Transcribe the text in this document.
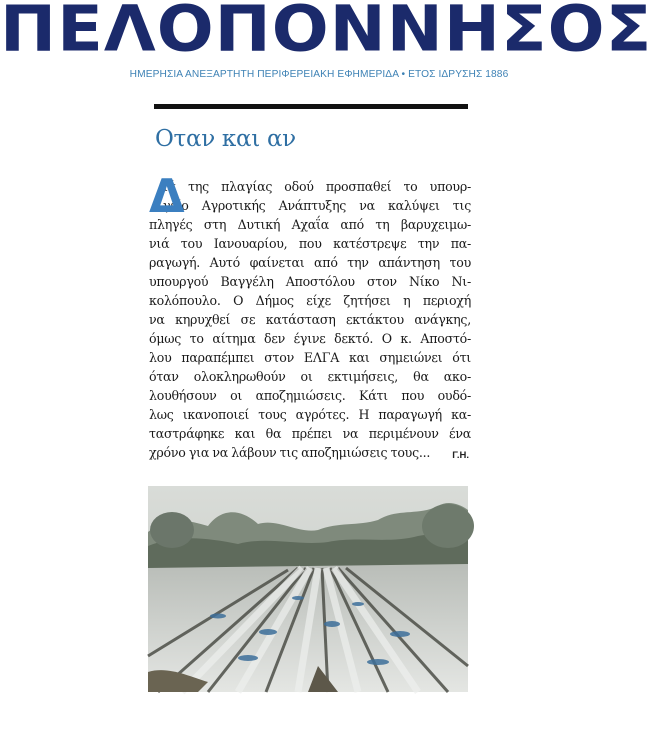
ΠΕΛΟΠΟΝΝΗΣΟΣ
ΗΜΕΡΗΣΙΑ ΑΝΕΞΑΡΤΗΤΗ ΠΕΡΙΦΕΡΕΙΑΚΗ ΕΦΗΜΕΡΙΔΑ • ΕΤΟΣ ΙΔΡΥΣΗΣ 1886
Οταν και αν
Δ
ιά της πλαγίας οδού προσπαθεί το υπουρ-
γείο Αγροτικής Ανάπτυξης να καλύψει τις
πληγές στη Δυτική Αχαΐα από τη βαρυχειμω-
νιά του Ιανουαρίου, που κατέστρεψε την πα-
ραγωγή. Αυτό φαίνεται από την απάντηση του
υπουργού Βαγγέλη Αποστόλου στον Νίκο Νι-
κολόπουλο. Ο Δήμος είχε ζητήσει η περιοχή
να κηρυχθεί σε κατάσταση εκτάκτου ανάγκης,
όμως το αίτημα δεν έγινε δεκτό. Ο κ. Αποστό-
λου παραπέμπει στον ΕΛΓΑ και σημειώνει ότι
όταν ολοκληρωθούν οι εκτιμήσεις, θα ακο-
λουθήσουν οι αποζημιώσεις. Κάτι που ουδό-
λως ικανοποιεί τους αγρότες. Η παραγωγή κα-
ταστράφηκε και θα πρέπει να περιμένουν ένα
χρόνο για να λάβουν τις αποζημιώσεις τους...	Γ.Η.
